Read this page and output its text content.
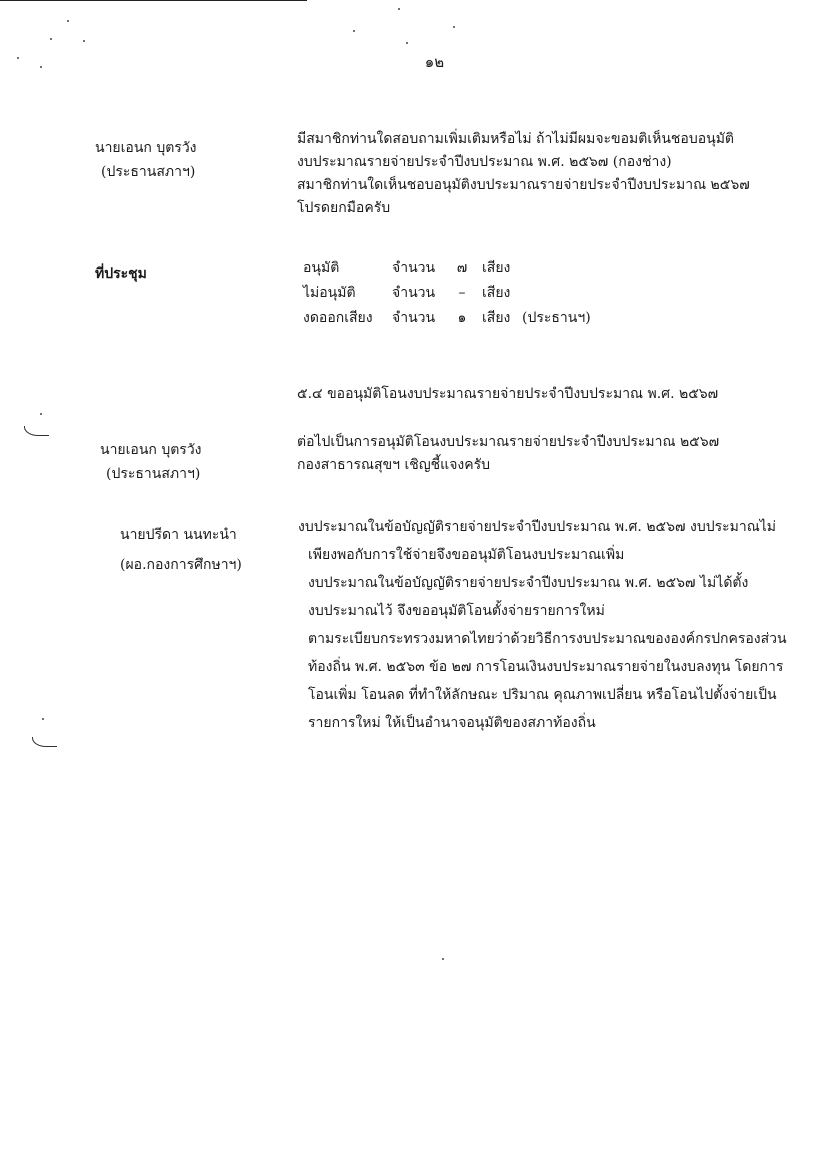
๑๒
นายเอนก บุตรวัง
(ประธานสภาฯ)
มีสมาชิกท่านใดสอบถามเพิ่มเติมหรือไม่ ถ้าไม่มีผมจะขอมติเห็นชอบอนุมัติ
งบประมาณรายจ่ายประจำปีงบประมาณ พ.ศ. ๒๕๖๗ (กองช่าง)
สมาชิกท่านใดเห็นชอบอนุมัติงบประมาณรายจ่ายประจำปีงบประมาณ ๒๕๖๗
โปรดยกมือครับ
ที่ประชุม	อนุมัติ	จำนวน	๗	เสียง	
ไม่อนุมัติ	จำนวน	–	เสียง	
งดออกเสียง	จำนวน	๑	เสียง	(ประธานฯ)
๕.๔ ขออนุมัติโอนงบประมาณรายจ่ายประจำปีงบประมาณ พ.ศ. ๒๕๖๗
นายเอนก บุตรวัง
(ประธานสภาฯ)
ต่อไปเป็นการอนุมัติโอนงบประมาณรายจ่ายประจำปีงบประมาณ ๒๕๖๗
กองสาธารณสุขฯ เชิญชี้แจงครับ
นายปรีดา นนทะนำ
(ผอ.กองการศึกษาฯ)
งบประมาณในข้อบัญญัติรายจ่ายประจำปีงบประมาณ พ.ศ. ๒๕๖๗ งบประมาณไม่
เพียงพอกับการใช้จ่ายจึงขออนุมัติโอนงบประมาณเพิ่ม
งบประมาณในข้อบัญญัติรายจ่ายประจำปีงบประมาณ พ.ศ. ๒๕๖๗ ไม่ได้ตั้ง
งบประมาณไว้ จึงขออนุมัติโอนตั้งจ่ายรายการใหม่
ตามระเบียบกระทรวงมหาดไทยว่าด้วยวิธีการงบประมาณขององค์กรปกครองส่วน
ท้องถิ่น พ.ศ. ๒๕๖๓ ข้อ ๒๗ การโอนเงินงบประมาณรายจ่ายในงบลงทุน โดยการ
โอนเพิ่ม โอนลด ที่ทำให้ลักษณะ ปริมาณ คุณภาพเปลี่ยน หรือโอนไปตั้งจ่ายเป็น
รายการใหม่ ให้เป็นอำนาจอนุมัติของสภาท้องถิ่น
